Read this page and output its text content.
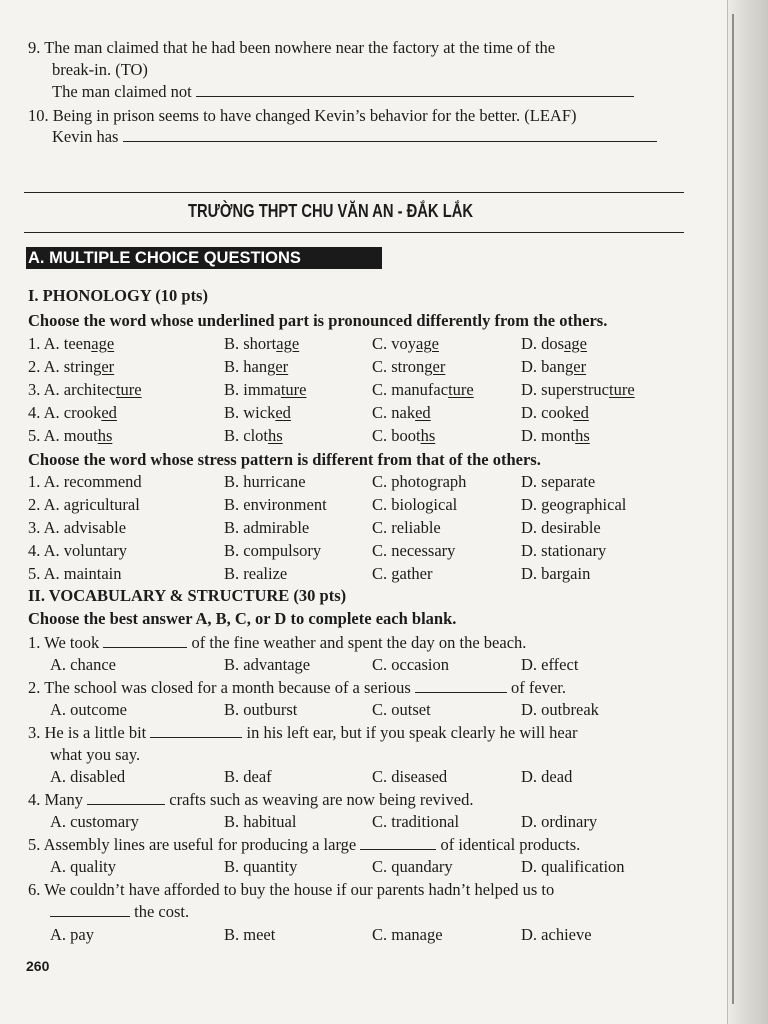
9. The man claimed that he had been nowhere near the factory at the time of the
break-in. (TO)
The man claimed not
10. Being in prison seems to have changed Kevin’s behavior for the better. (LEAF)
Kevin has
TRƯỜNG THPT CHU VĂN AN - ĐẮK LẮK
A. MULTIPLE CHOICE QUESTIONS
I. PHONOLOGY (10 pts)
Choose the word whose underlined part is pronounced differently from the others.
1. A. teenage	B. shortage	C. voyage	D. dosage
2. A. stringer	B. hanger	C. stronger	D. banger
3. A. architecture	B. immature	C. manufacture	D. superstructure
4. A. crooked	B. wicked	C. naked	D. cooked
5. A. mouths	B. cloths	C. booths	D. months
Choose the word whose stress pattern is different from that of the others.
1. A. recommend	B. hurricane	C. photograph	D. separate
2. A. agricultural	B. environment	C. biological	D. geographical
3. A. advisable	B. admirable	C. reliable	D. desirable
4. A. voluntary	B. compulsory	C. necessary	D. stationary
5. A. maintain	B. realize	C. gather	D. bargain
II. VOCABULARY & STRUCTURE (30 pts)
Choose the best answer A, B, C, or D to complete each blank.
1. We took	of the fine weather and spent the day on the beach.
A. chance	B. advantage	C. occasion	D. effect
2. The school was closed for a month because of a serious	of fever.
A. outcome	B. outburst	C. outset	D. outbreak
3. He is a little bit	in his left ear, but if you speak clearly he will hear
what you say.
A. disabled	B. deaf	C. diseased	D. dead
4. Many	crafts such as weaving are now being revived.
A. customary	B. habitual	C. traditional	D. ordinary
5. Assembly lines are useful for producing a large	of identical products.
A. quality	B. quantity	C. quandary	D. qualification
6. We couldn’t have afforded to buy the house if our parents hadn’t helped us to
the cost.
A. pay	B. meet	C. manage	D. achieve
260
